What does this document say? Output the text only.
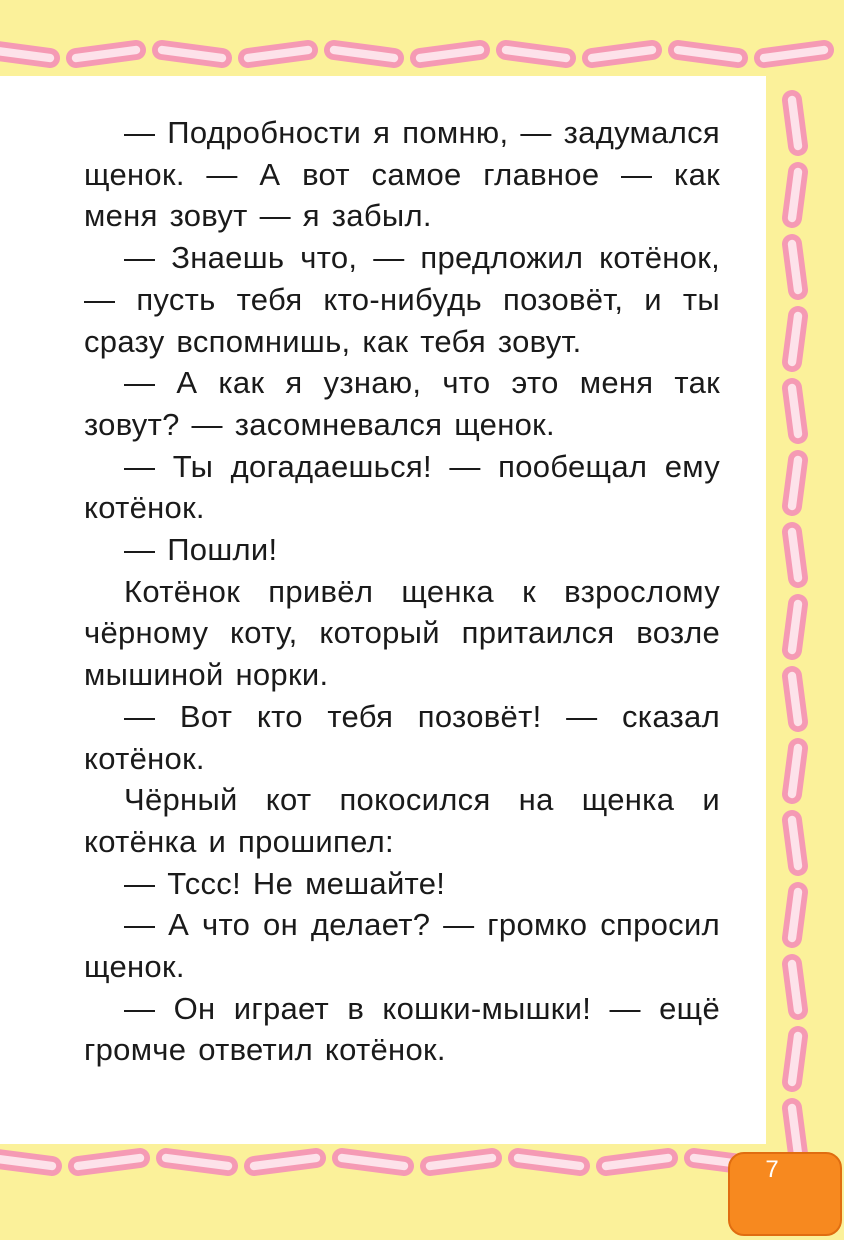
— Подробности я помню, — задумался щенок. — А вот самое главное — как меня зовут — я забыл.

— Знаешь что, — предложил котёнок, — пусть тебя кто-нибудь позовёт, и ты сразу вспомнишь, как тебя зовут.

— А как я узнаю, что это меня так зовут? — засомневался щенок.

— Ты догадаешься! — пообещал ему котёнок.

— Пошли!

Котёнок привёл щенка к взрослому чёрному коту, который притаился возле мышиной норки.

— Вот кто тебя позовёт! — сказал котёнок.

Чёрный кот покосился на щенка и котёнка и прошипел:

— Тссс! Не мешайте!

— А что он делает? — громко спросил щенок.

— Он играет в кошки-мышки! — ещё громче ответил котёнок.

7
